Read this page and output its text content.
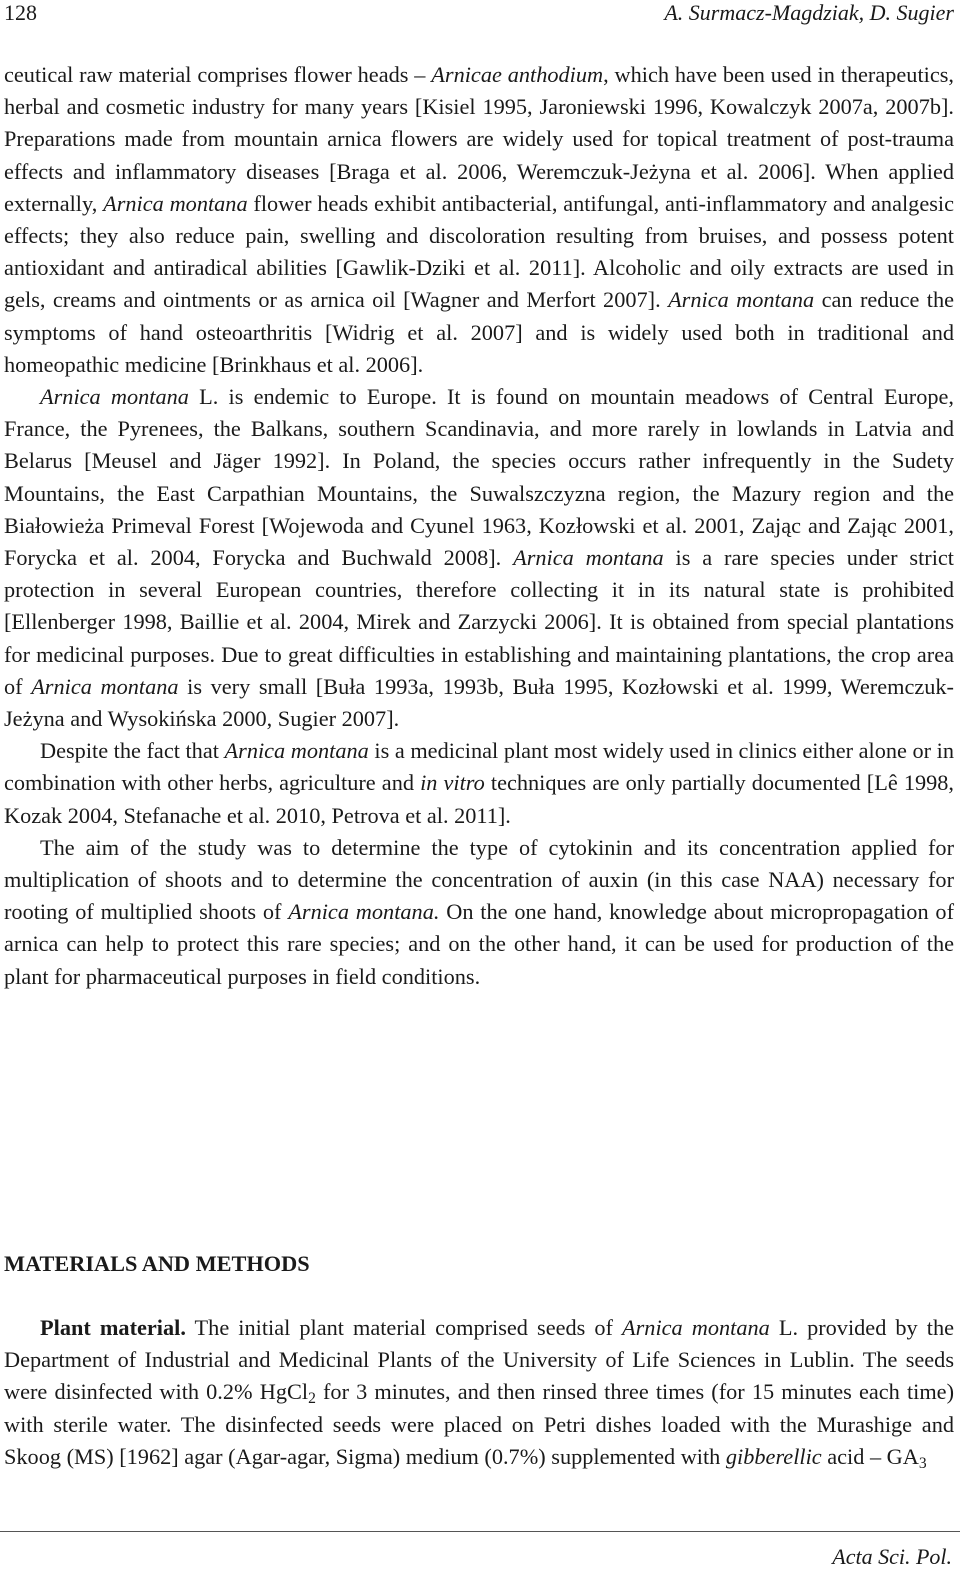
128	A. Surmacz-Magdziak, D. Sugier

ceutical raw material comprises flower heads – Arnicae anthodium, which have been used in therapeutics, herbal and cosmetic industry for many years [Kisiel 1995, Jaroniewski 1996, Kowalczyk 2007a, 2007b]. Preparations made from mountain arnica flowers are widely used for topical treatment of post-trauma effects and inflammatory diseases [Braga et al. 2006, Weremczuk-Jeżyna et al. 2006]. When applied externally, Arnica montana flower heads exhibit antibacterial, antifungal, anti-inflammatory and analgesic effects; they also reduce pain, swelling and discoloration resulting from bruises, and possess potent antioxidant and antiradical abilities [Gawlik-Dziki et al. 2011]. Alcoholic and oily extracts are used in gels, creams and ointments or as arnica oil [Wagner and Merfort 2007]. Arnica montana can reduce the symptoms of hand osteoarthritis [Widrig et al. 2007] and is widely used both in traditional and homeopathic medicine [Brinkhaus et al. 2006].

Arnica montana L. is endemic to Europe. It is found on mountain meadows of Central Europe, France, the Pyrenees, the Balkans, southern Scandinavia, and more rarely in lowlands in Latvia and Belarus [Meusel and Jäger 1992]. In Poland, the species occurs rather infrequently in the Sudety Mountains, the East Carpathian Mountains, the Suwalszczyzna region, the Mazury region and the Białowieża Primeval Forest [Wojewoda and Cyunel 1963, Kozłowski et al. 2001, Zając and Zając 2001, Forycka et al. 2004, Forycka and Buchwald 2008]. Arnica montana is a rare species under strict protection in several European countries, therefore collecting it in its natural state is prohibited [Ellenberger 1998, Baillie et al. 2004, Mirek and Zarzycki 2006]. It is obtained from special plantations for medicinal purposes. Due to great difficulties in establishing and maintaining plantations, the crop area of Arnica montana is very small [Buła 1993a, 1993b, Buła 1995, Kozłowski et al. 1999, Weremczuk-Jeżyna and Wysokińska 2000, Sugier 2007].

Despite the fact that Arnica montana is a medicinal plant most widely used in clinics either alone or in combination with other herbs, agriculture and in vitro techniques are only partially documented [Lê 1998, Kozak 2004, Stefanache et al. 2010, Petrova et al. 2011].

The aim of the study was to determine the type of cytokinin and its concentration applied for multiplication of shoots and to determine the concentration of auxin (in this case NAA) necessary for rooting of multiplied shoots of Arnica montana. On the one hand, knowledge about micropropagation of arnica can help to protect this rare species; and on the other hand, it can be used for production of the plant for pharmaceutical purposes in field conditions.

MATERIALS AND METHODS

Plant material. The initial plant material comprised seeds of Arnica montana L. provided by the Department of Industrial and Medicinal Plants of the University of Life Sciences in Lublin. The seeds were disinfected with 0.2% HgCl$_2$ for 3 minutes, and then rinsed three times (for 15 minutes each time) with sterile water. The disinfected seeds were placed on Petri dishes loaded with the Murashige and Skoog (MS) [1962] agar (Agar-agar, Sigma) medium (0.7%) supplemented with gibberellic acid – $GA_3$

Acta Sci. Pol.
